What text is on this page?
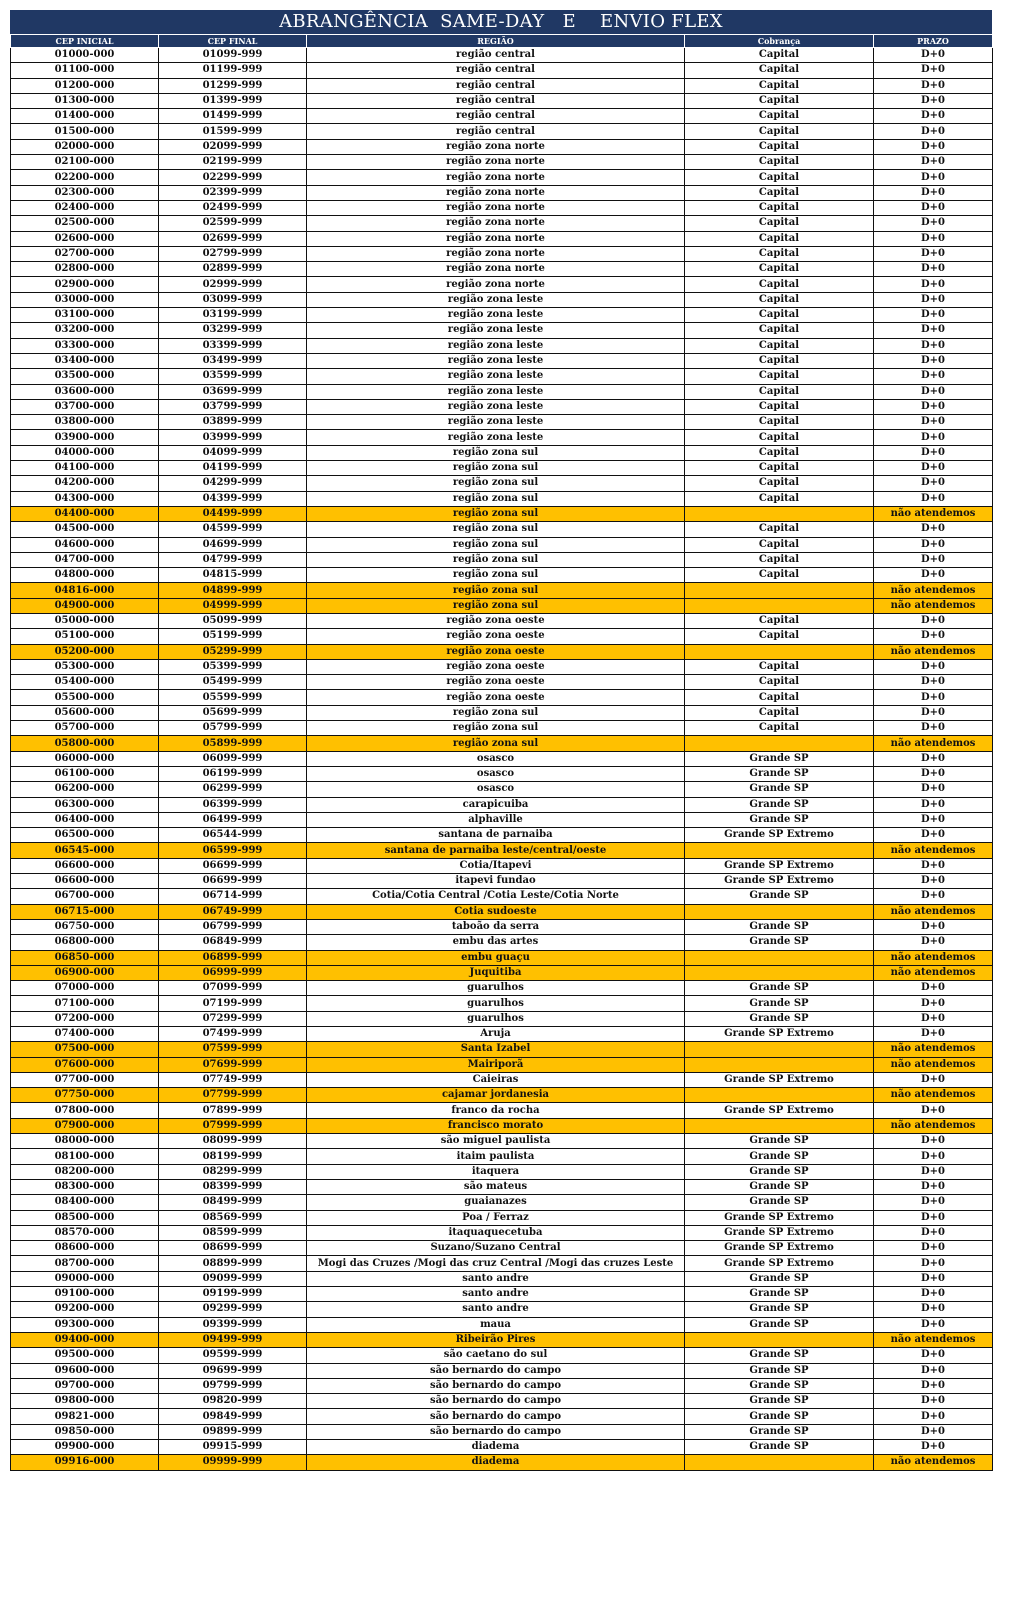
ABRANGÊNCIA  SAME-DAY   E    ENVIO FLEX
CEP INICIAL	CEP FINAL	REGIÃO	Cobrança	PRAZO
01000-000	01099-999	região central	Capital	D+0
01100-000	01199-999	região central	Capital	D+0
01200-000	01299-999	região central	Capital	D+0
01300-000	01399-999	região central	Capital	D+0
01400-000	01499-999	região central	Capital	D+0
01500-000	01599-999	região central	Capital	D+0
02000-000	02099-999	região zona norte	Capital	D+0
02100-000	02199-999	região zona norte	Capital	D+0
02200-000	02299-999	região zona norte	Capital	D+0
02300-000	02399-999	região zona norte	Capital	D+0
02400-000	02499-999	região zona norte	Capital	D+0
02500-000	02599-999	região zona norte	Capital	D+0
02600-000	02699-999	região zona norte	Capital	D+0
02700-000	02799-999	região zona norte	Capital	D+0
02800-000	02899-999	região zona norte	Capital	D+0
02900-000	02999-999	região zona norte	Capital	D+0
03000-000	03099-999	região zona leste	Capital	D+0
03100-000	03199-999	região zona leste	Capital	D+0
03200-000	03299-999	região zona leste	Capital	D+0
03300-000	03399-999	região zona leste	Capital	D+0
03400-000	03499-999	região zona leste	Capital	D+0
03500-000	03599-999	região zona leste	Capital	D+0
03600-000	03699-999	região zona leste	Capital	D+0
03700-000	03799-999	região zona leste	Capital	D+0
03800-000	03899-999	região zona leste	Capital	D+0
03900-000	03999-999	região zona leste	Capital	D+0
04000-000	04099-999	região zona sul	Capital	D+0
04100-000	04199-999	região zona sul	Capital	D+0
04200-000	04299-999	região zona sul	Capital	D+0
04300-000	04399-999	região zona sul	Capital	D+0
04400-000	04499-999	região zona sul		não atendemos
04500-000	04599-999	região zona sul	Capital	D+0
04600-000	04699-999	região zona sul	Capital	D+0
04700-000	04799-999	região zona sul	Capital	D+0
04800-000	04815-999	região zona sul	Capital	D+0
04816-000	04899-999	região zona sul		não atendemos
04900-000	04999-999	região zona sul		não atendemos
05000-000	05099-999	região zona oeste	Capital	D+0
05100-000	05199-999	região zona oeste	Capital	D+0
05200-000	05299-999	região zona oeste		não atendemos
05300-000	05399-999	região zona oeste	Capital	D+0
05400-000	05499-999	região zona oeste	Capital	D+0
05500-000	05599-999	região zona oeste	Capital	D+0
05600-000	05699-999	região zona sul	Capital	D+0
05700-000	05799-999	região zona sul	Capital	D+0
05800-000	05899-999	região zona sul		não atendemos
06000-000	06099-999	osasco	Grande SP	D+0
06100-000	06199-999	osasco	Grande SP	D+0
06200-000	06299-999	osasco	Grande SP	D+0
06300-000	06399-999	carapicuiba	Grande SP	D+0
06400-000	06499-999	alphaville	Grande SP	D+0
06500-000	06544-999	santana de parnaiba	Grande SP Extremo	D+0
06545-000	06599-999	santana de parnaiba leste/central/oeste		não atendemos
06600-000	06699-999	Cotia/Itapevi	Grande SP Extremo	D+0
06600-000	06699-999	itapevi fundao	Grande SP Extremo	D+0
06700-000	06714-999	Cotia/Cotia Central /Cotia Leste/Cotia Norte	Grande SP	D+0
06715-000	06749-999	Cotia sudoeste		não atendemos
06750-000	06799-999	taboão da serra	Grande SP	D+0
06800-000	06849-999	embu das artes	Grande SP	D+0
06850-000	06899-999	embu guaçu		não atendemos
06900-000	06999-999	Juquitiba		não atendemos
07000-000	07099-999	guarulhos	Grande SP	D+0
07100-000	07199-999	guarulhos	Grande SP	D+0
07200-000	07299-999	guarulhos	Grande SP	D+0
07400-000	07499-999	Aruja	Grande SP Extremo	D+0
07500-000	07599-999	Santa Izabel		não atendemos
07600-000	07699-999	Mairiporã		não atendemos
07700-000	07749-999	Caieiras	Grande SP Extremo	D+0
07750-000	07799-999	cajamar jordanesia		não atendemos
07800-000	07899-999	franco da rocha	Grande SP Extremo	D+0
07900-000	07999-999	francisco morato		não atendemos
08000-000	08099-999	são miguel paulista	Grande SP	D+0
08100-000	08199-999	itaim paulista	Grande SP	D+0
08200-000	08299-999	itaquera	Grande SP	D+0
08300-000	08399-999	são mateus	Grande SP	D+0
08400-000	08499-999	guaianazes	Grande SP	D+0
08500-000	08569-999	Poa / Ferraz	Grande SP Extremo	D+0
08570-000	08599-999	itaquaquecetuba	Grande SP Extremo	D+0
08600-000	08699-999	Suzano/Suzano Central	Grande SP Extremo	D+0
08700-000	08899-999	Mogi das Cruzes /Mogi das cruz Central /Mogi das cruzes Leste	Grande SP Extremo	D+0
09000-000	09099-999	santo andre	Grande SP	D+0
09100-000	09199-999	santo andre	Grande SP	D+0
09200-000	09299-999	santo andre	Grande SP	D+0
09300-000	09399-999	maua	Grande SP	D+0
09400-000	09499-999	Ribeirão Pires		não atendemos
09500-000	09599-999	são caetano do sul	Grande SP	D+0
09600-000	09699-999	são bernardo do campo	Grande SP	D+0
09700-000	09799-999	são bernardo do campo	Grande SP	D+0
09800-000	09820-999	são bernardo do campo	Grande SP	D+0
09821-000	09849-999	são bernardo do campo	Grande SP	D+0
09850-000	09899-999	são bernardo do campo	Grande SP	D+0
09900-000	09915-999	diadema	Grande SP	D+0
09916-000	09999-999	diadema		não atendemos
